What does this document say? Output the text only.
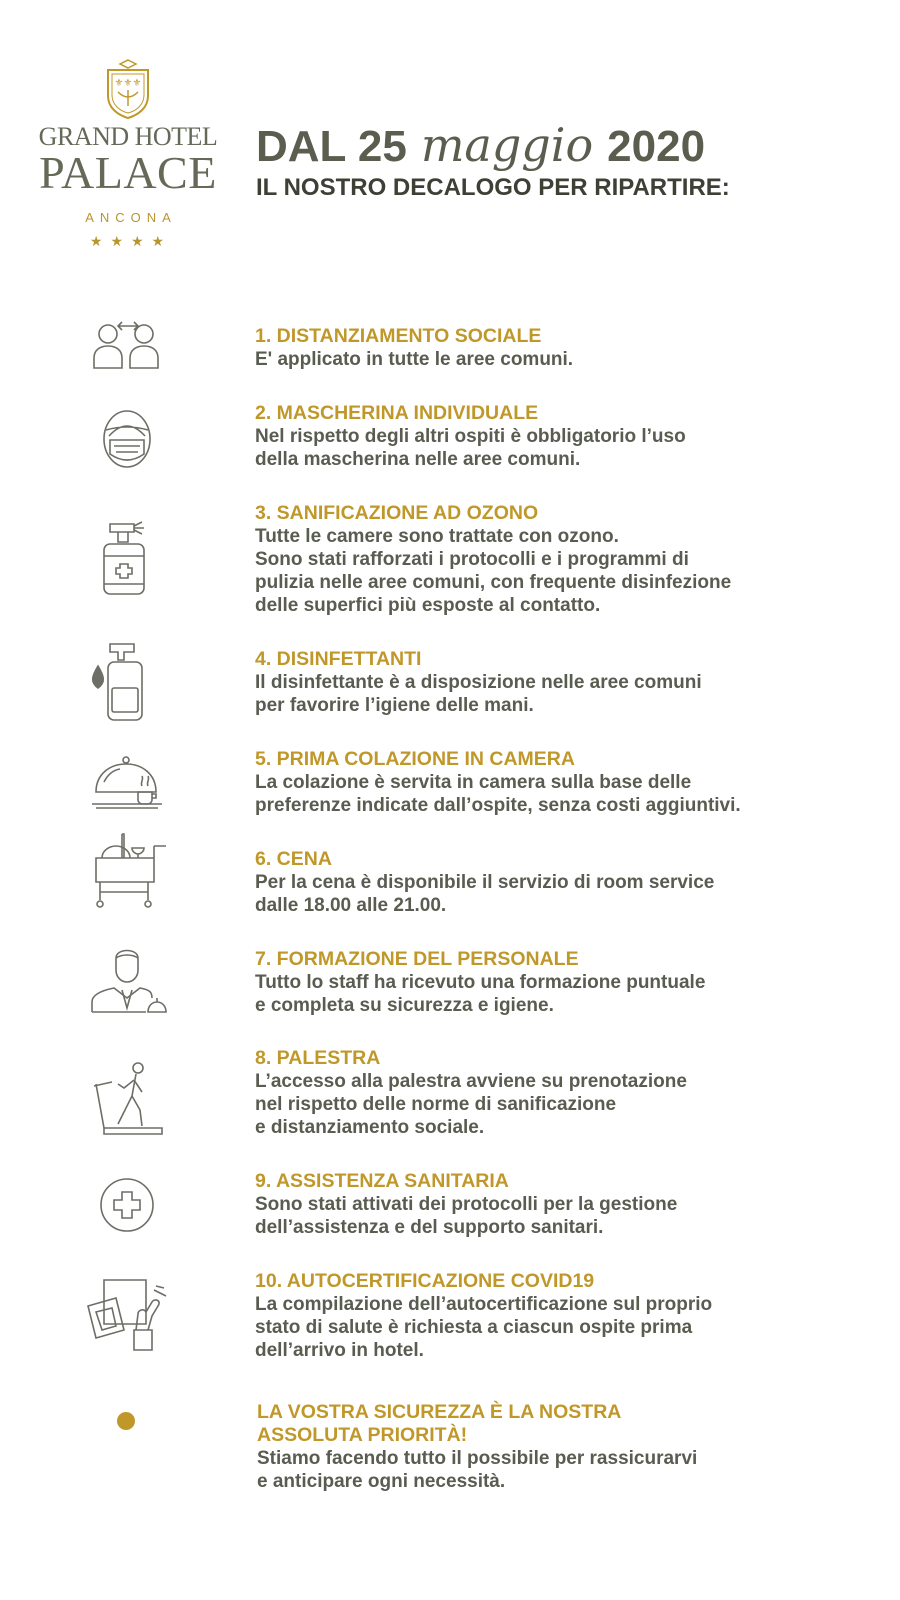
⚜⚜⚜
GRAND HOTEL
PALACE
ANCONA
★★★★
DAL 25 maggio 2020
IL NOSTRO DECALOGO PER RIPARTIRE:
1. DISTANZIAMENTO SOCIALE
E' applicato in tutte le aree comuni.
2. MASCHERINA INDIVIDUALE
Nel rispetto degli altri ospiti è obbligatorio l’uso
della mascherina nelle aree comuni.
3. SANIFICAZIONE AD OZONO
Tutte le camere sono trattate con ozono.
Sono stati rafforzati i protocolli e i programmi di
pulizia nelle aree comuni, con frequente disinfezione
delle superfici più esposte al contatto.
4. DISINFETTANTI
Il disinfettante è a disposizione nelle aree comuni
per favorire l’igiene delle mani.
5. PRIMA COLAZIONE IN CAMERA
La colazione è servita in camera sulla base delle
preferenze indicate dall’ospite, senza costi aggiuntivi.
6. CENA
Per la cena è disponibile il servizio di room service
dalle 18.00 alle 21.00.
7. FORMAZIONE DEL PERSONALE
Tutto lo staff ha ricevuto una formazione puntuale
e completa su sicurezza e igiene.
8. PALESTRA
L’accesso alla palestra avviene su prenotazione
nel rispetto delle norme di sanificazione
e distanziamento sociale.
9. ASSISTENZA SANITARIA
Sono stati attivati dei protocolli per la gestione
dell’assistenza e del supporto sanitari.
10. AUTOCERTIFICAZIONE COVID19
La compilazione dell’autocertificazione sul proprio
stato di salute è richiesta a ciascun ospite prima
dell’arrivo in hotel.
LA VOSTRA SICUREZZA È LA NOSTRA
ASSOLUTA PRIORITÀ!
Stiamo facendo tutto il possibile per rassicurarvi
e anticipare ogni necessità.
